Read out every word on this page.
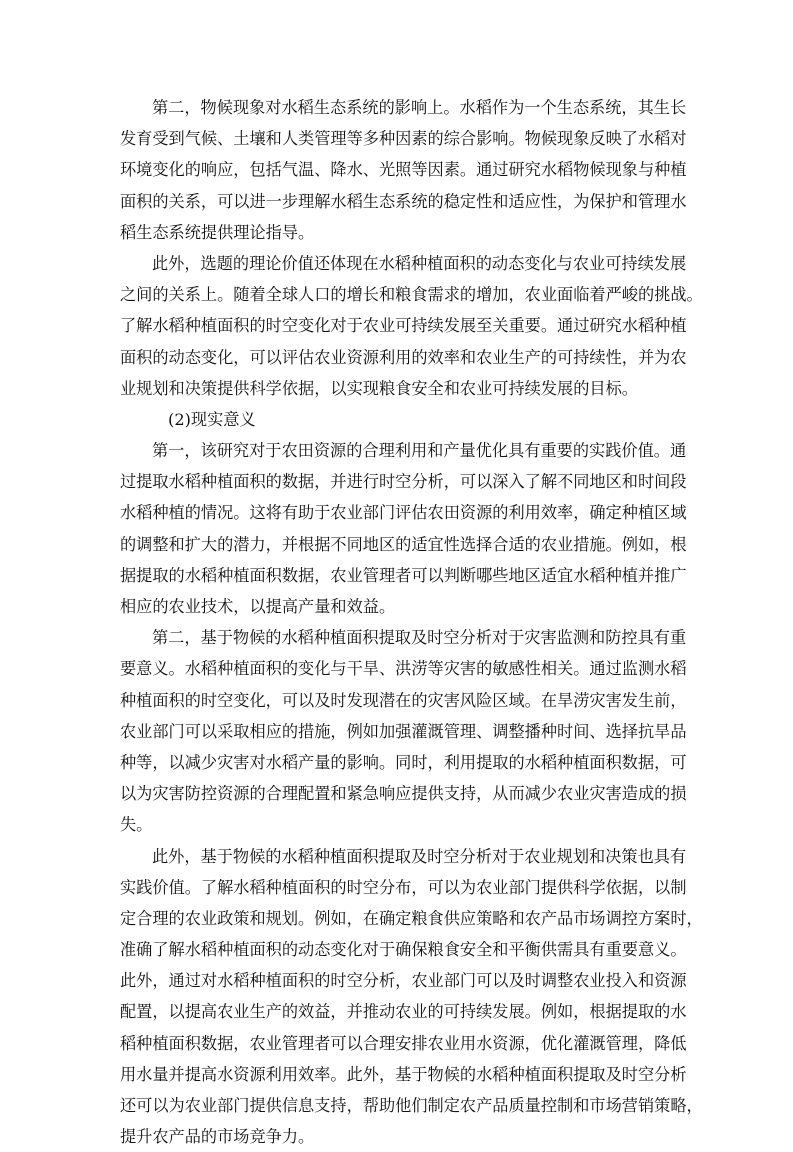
第二，物候现象对水稻生态系统的影响上。水稻作为一个生态系统，其生长
发育受到气候、土壤和人类管理等多种因素的综合影响。物候现象反映了水稻对
环境变化的响应，包括气温、降水、光照等因素。通过研究水稻物候现象与种植
面积的关系，可以进一步理解水稻生态系统的稳定性和适应性，为保护和管理水
稻生态系统提供理论指导。
此外，选题的理论价值还体现在水稻种植面积的动态变化与农业可持续发展
之间的关系上。随着全球人口的增长和粮食需求的增加，农业面临着严峻的挑战。
了解水稻种植面积的时空变化对于农业可持续发展至关重要。通过研究水稻种植
面积的动态变化，可以评估农业资源利用的效率和农业生产的可持续性，并为农
业规划和决策提供科学依据，以实现粮食安全和农业可持续发展的目标。
(2)现实意义
第一，该研究对于农田资源的合理利用和产量优化具有重要的实践价值。通
过提取水稻种植面积的数据，并进行时空分析，可以深入了解不同地区和时间段
水稻种植的情况。这将有助于农业部门评估农田资源的利用效率，确定种植区域
的调整和扩大的潜力，并根据不同地区的适宜性选择合适的农业措施。例如，根
据提取的水稻种植面积数据，农业管理者可以判断哪些地区适宜水稻种植并推广
相应的农业技术，以提高产量和效益。
第二，基于物候的水稻种植面积提取及时空分析对于灾害监测和防控具有重
要意义。水稻种植面积的变化与干旱、洪涝等灾害的敏感性相关。通过监测水稻
种植面积的时空变化，可以及时发现潜在的灾害风险区域。在旱涝灾害发生前，
农业部门可以采取相应的措施，例如加强灌溉管理、调整播种时间、选择抗旱品
种等，以减少灾害对水稻产量的影响。同时，利用提取的水稻种植面积数据，可
以为灾害防控资源的合理配置和紧急响应提供支持，从而减少农业灾害造成的损
失。
此外，基于物候的水稻种植面积提取及时空分析对于农业规划和决策也具有
实践价值。了解水稻种植面积的时空分布，可以为农业部门提供科学依据，以制
定合理的农业政策和规划。例如，在确定粮食供应策略和农产品市场调控方案时，
准确了解水稻种植面积的动态变化对于确保粮食安全和平衡供需具有重要意义。
此外，通过对水稻种植面积的时空分析，农业部门可以及时调整农业投入和资源
配置，以提高农业生产的效益，并推动农业的可持续发展。例如，根据提取的水
稻种植面积数据，农业管理者可以合理安排农业用水资源，优化灌溉管理，降低
用水量并提高水资源利用效率。此外，基于物候的水稻种植面积提取及时空分析
还可以为农业部门提供信息支持，帮助他们制定农产品质量控制和市场营销策略，
提升农产品的市场竞争力。
